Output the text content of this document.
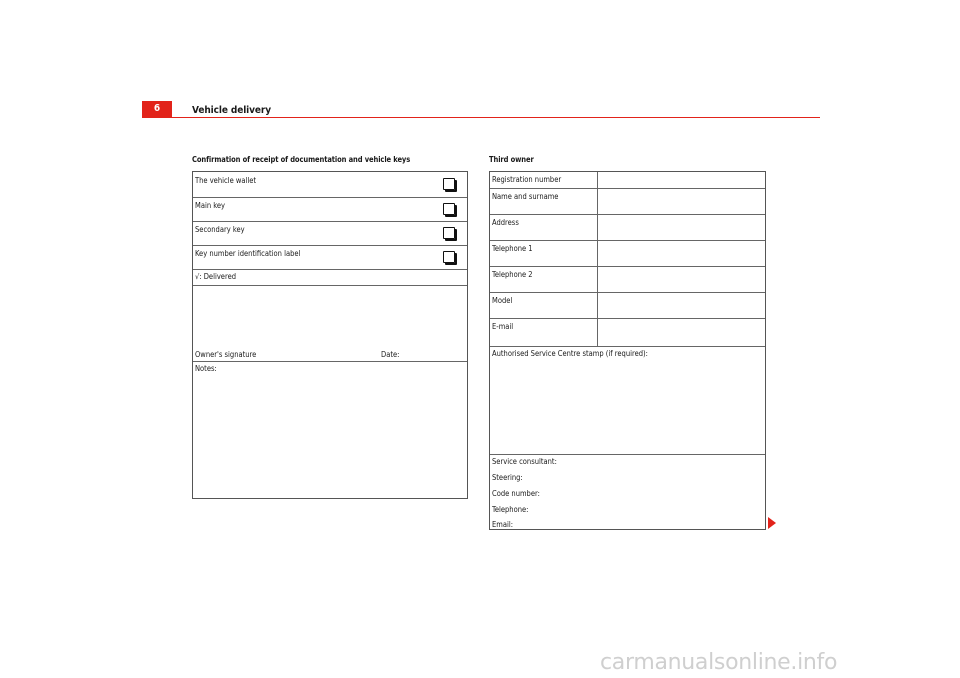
6	Vehicle delivery
Confirmation of receipt of documentation and vehicle keys
The vehicle wallet
Main key
Secondary key
Key number identification label
√: Delivered
Owner's signature	Date:
Notes:
Third owner
Registration number
Name and surname
Address
Telephone 1
Telephone 2
Model
E-mail
Authorised Service Centre stamp (if required):
Service consultant:
Steering:
Code number:
Telephone:
Email:
carmanualsonline.info
